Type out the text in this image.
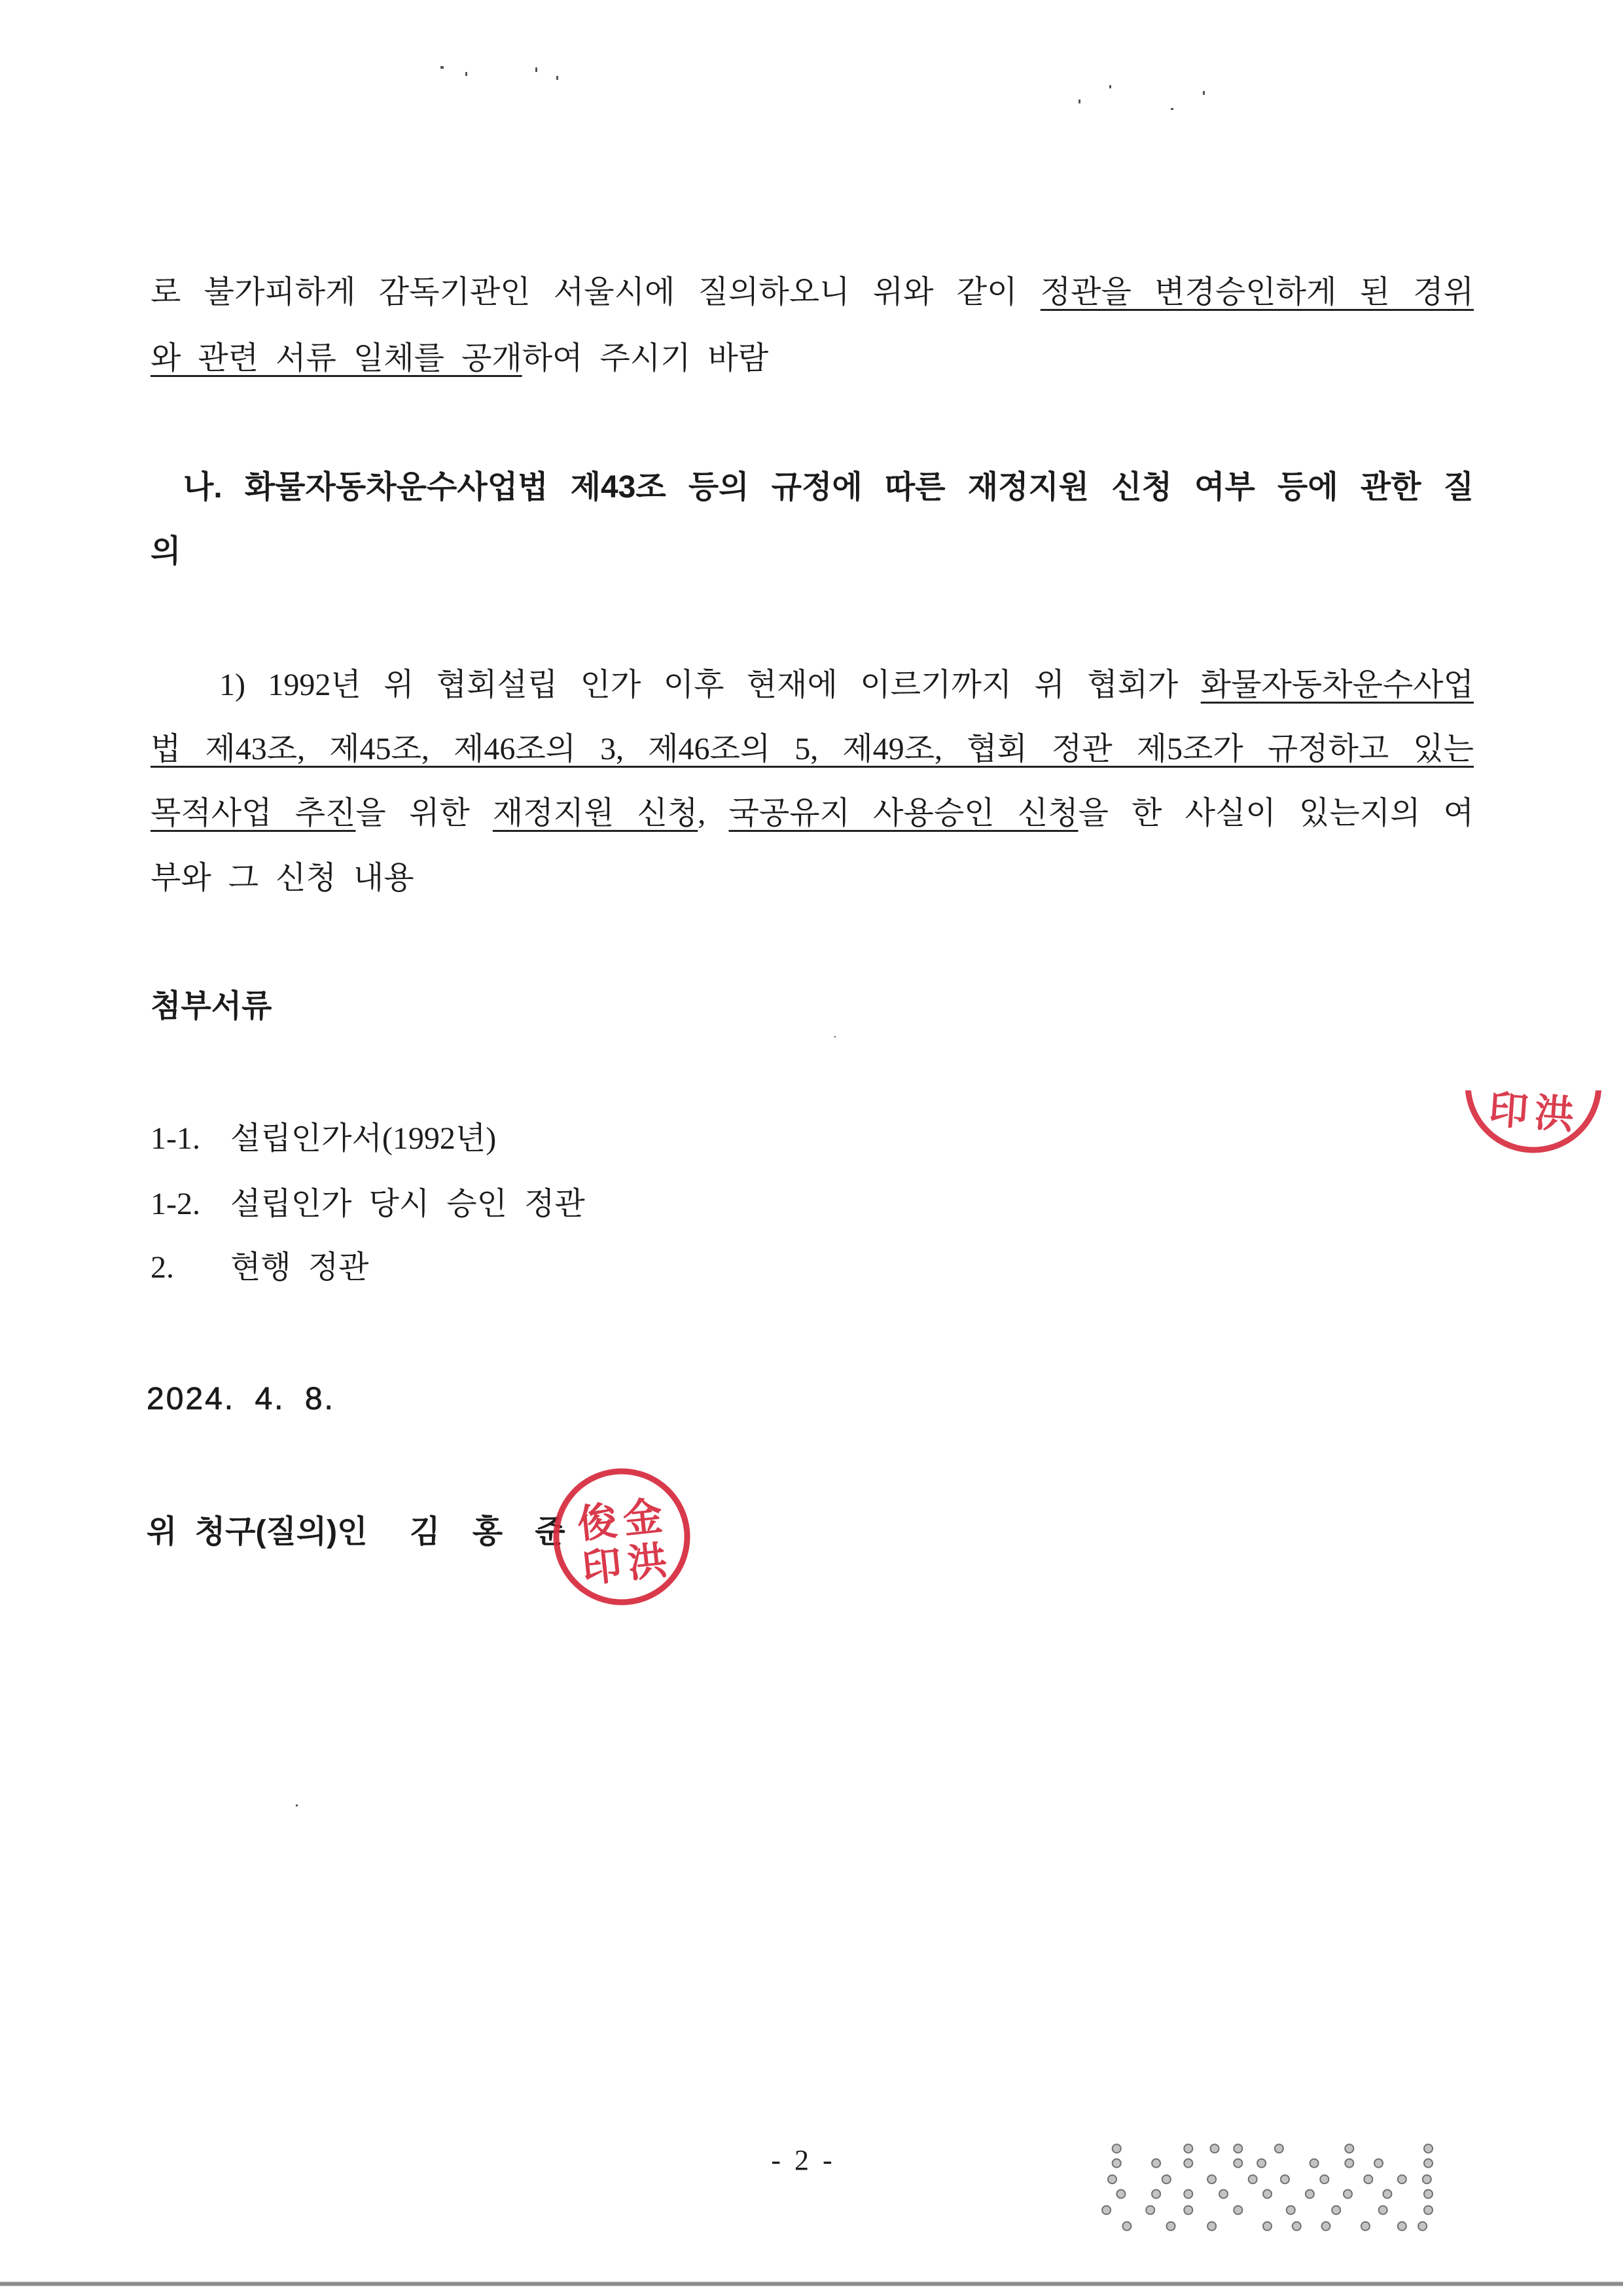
로 불가피하게 감독기관인 서울시에 질의하오니 위와 같이 정관을 변경승인하게 된 경위
와 관련 서류 일체를 공개하여 주시기 바람
나. 화물자동차운수사업법 제43조 등의 규정에 따른 재정지원 신청 여부 등에 관한 질
의
1) 1992년 위 협회설립 인가 이후 현재에 이르기까지 위 협회가 화물자동차운수사업
법 제43조, 제45조, 제46조의 3, 제46조의 5, 제49조, 협회 정관 제5조가 규정하고 있는
목적사업 추진을 위한 재정지원 신청, 국공유지 사용승인 신청을 한 사실이 있는지의 여
부와 그 신청 내용
첨부서류
1-1. 설립인가서(1992년)
1-2. 설립인가 당시 승인 정관
2. 현행 정관
2024. 4. 8.
위 청구(질의)인 김 홍 준 金
洪
俊
印
金
洪
俊
印
- 2 -
